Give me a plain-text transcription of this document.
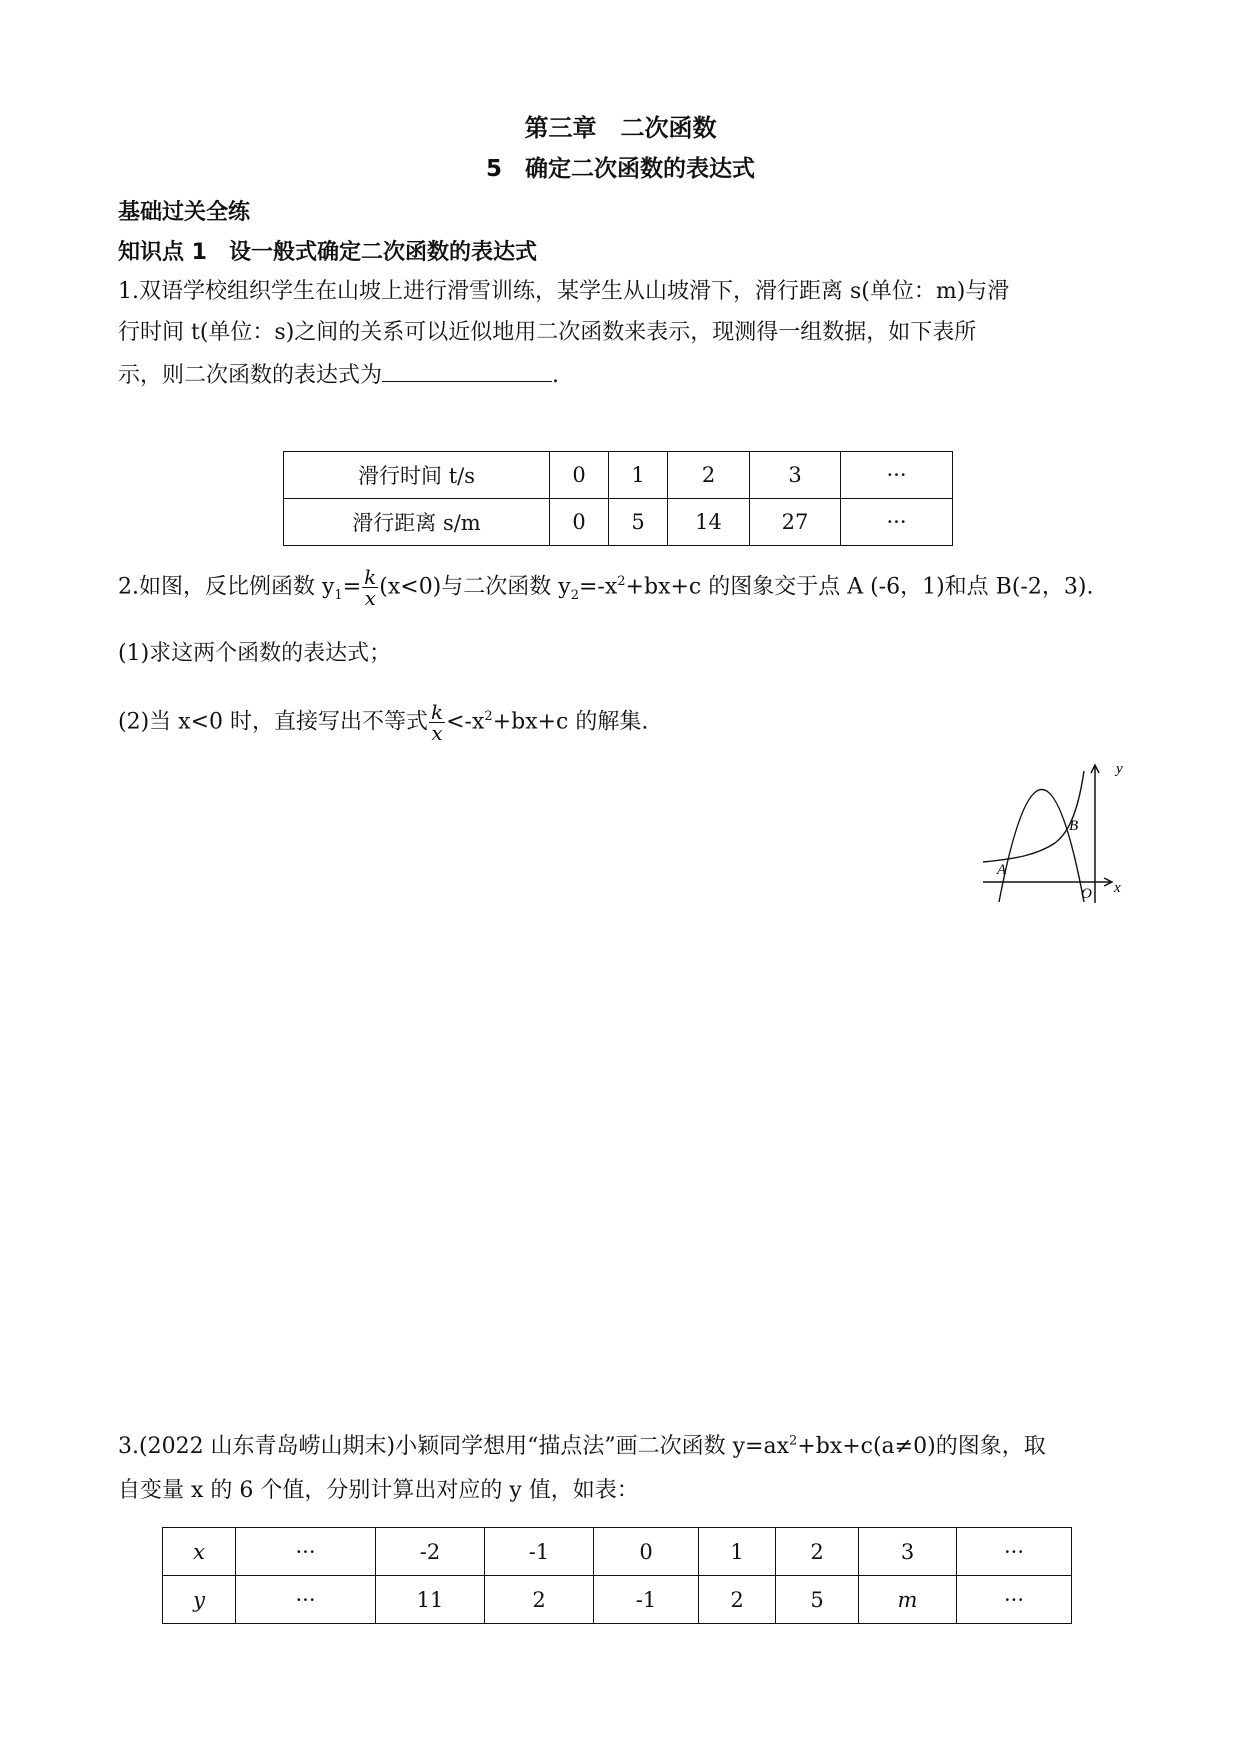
第三章　二次函数
5　确定二次函数的表达式
基础过关全练
知识点 1　设一般式确定二次函数的表达式
1.双语学校组织学生在山坡上进行滑雪训练，某学生从山坡滑下，滑行距离 s(单位：m)与滑
行时间 t(单位：s)之间的关系可以近似地用二次函数来表示，现测得一组数据，如下表所
示，则二次函数的表达式为	.
滑行时间 t/s	0	1	2	3	···
滑行距离 s/m	0	5	14	27	···
2.如图，反比例函数 $y_1= \frac{k}{x} (x<0)$与二次函数 $y_2=-x^2+bx+c$ 的图象交于点 A (-6，1)和点 B(-2，3).
(1)求这两个函数的表达式；
(2)当 x<0 时，直接写出不等式 $\frac{k}{x} <-x^2+bx+c$ 的解集.
y
x
O
A
B
3.(2022 山东青岛崂山期末)小颖同学想用“描点法”画二次函数 $y=ax^2+bx+c(a\ne 0)$的图象，取
自变量 x 的 6 个值，分别计算出对应的 y 值，如表：
x	···	-2	-1	0	1	2	3	···
y	···	11	2	-1	2	5	m	···
